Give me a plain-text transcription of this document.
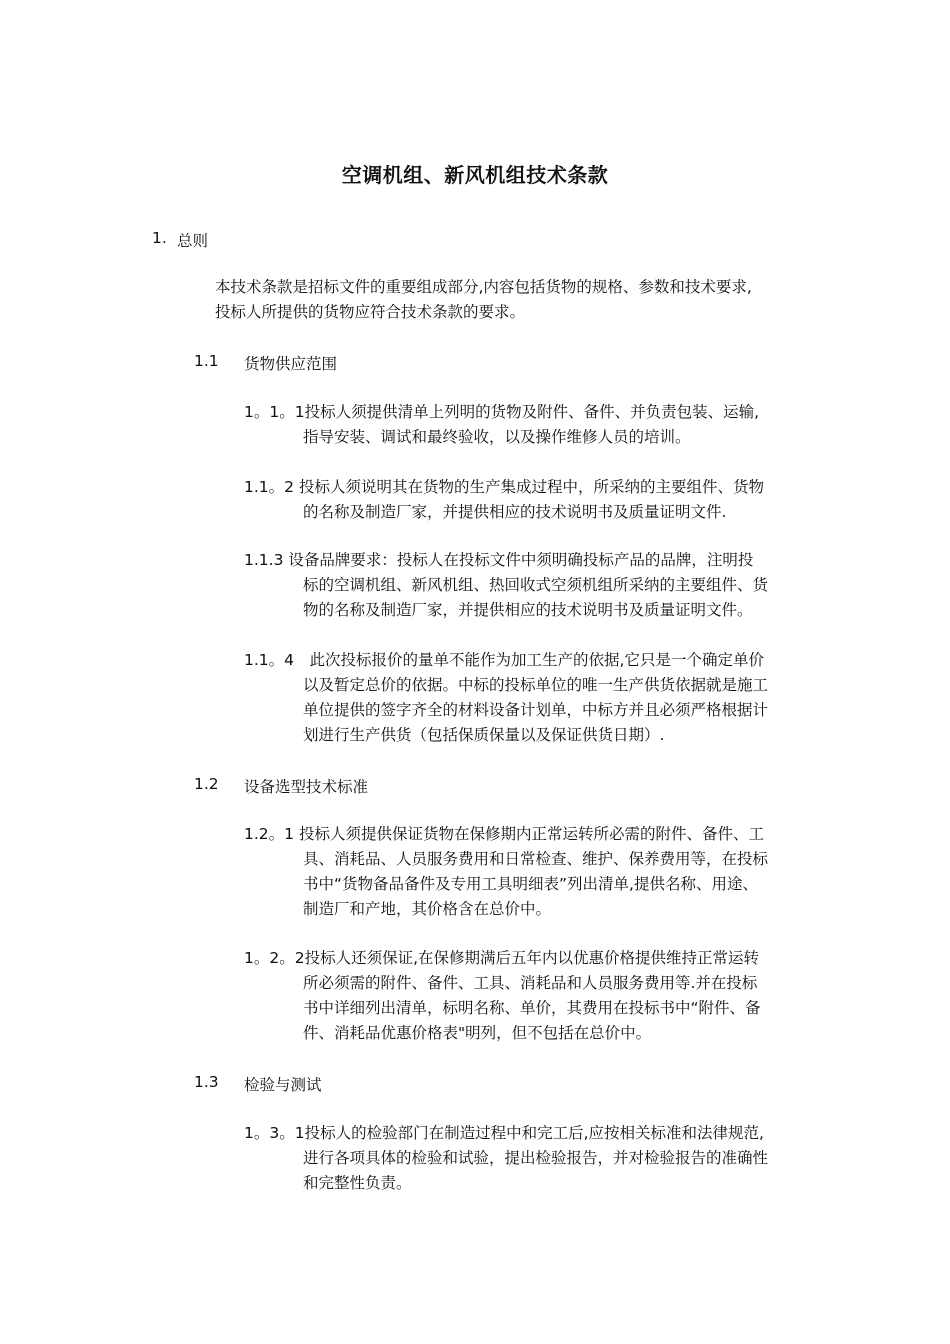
空调机组、新风机组技术条款
1. 总则
本技术条款是招标文件的重要组成部分,内容包括货物的规格、参数和技术要求,
投标人所提供的货物应符合技术条款的要求。
1.1 货物供应范围
1。1。1投标人须提供清单上列明的货物及附件、备件、并负责包装、运输,
指导安装、调试和最终验收，以及操作维修人员的培训。
1.1。2 投标人须说明其在货物的生产集成过程中，所采纳的主要组件、货物
的名称及制造厂家，并提供相应的技术说明书及质量证明文件.
1.1.3 设备品牌要求：投标人在投标文件中须明确投标产品的品牌，注明投
标的空调机组、新风机组、热回收式空须机组所采纳的主要组件、货
物的名称及制造厂家，并提供相应的技术说明书及质量证明文件。
1.1。4　此次投标报价的量单不能作为加工生产的依据,它只是一个确定单价
以及暂定总价的依据。中标的投标单位的唯一生产供货依据就是施工
单位提供的签字齐全的材料设备计划单，中标方并且必须严格根据计
划进行生产供货（包括保质保量以及保证供货日期）.
1.2 设备选型技术标准
1.2。1 投标人须提供保证货物在保修期内正常运转所必需的附件、备件、工
具、消耗品、人员服务费用和日常检查、维护、保养费用等，在投标
书中“货物备品备件及专用工具明细表”列出清单,提供名称、用途、
制造厂和产地，其价格含在总价中。
1。2。2投标人还须保证,在保修期满后五年内以优惠价格提供维持正常运转
所必须需的附件、备件、工具、消耗品和人员服务费用等.并在投标
书中详细列出清单，标明名称、单价，其费用在投标书中“附件、备
件、消耗品优惠价格表"明列，但不包括在总价中。
1.3 检验与测试
1。3。1投标人的检验部门在制造过程中和完工后,应按相关标准和法律规范,
进行各项具体的检验和试验，提出检验报告，并对检验报告的准确性
和完整性负责。
